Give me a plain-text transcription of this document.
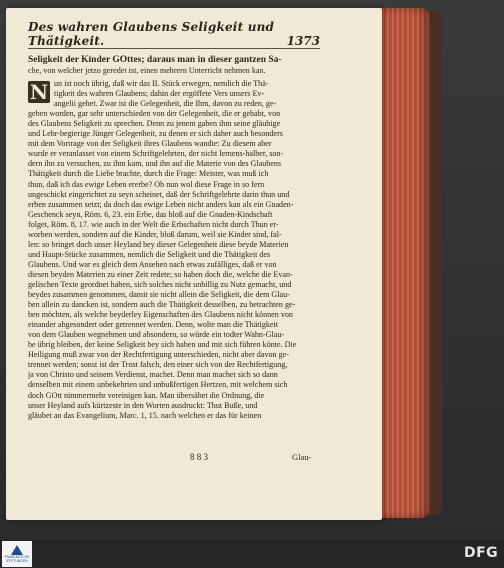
Des wahren Glaubens Seligkeit und Thätigkeit.	1373
Seligkeit der Kinder GOttes; daraus man in dieser gantzen Sa-
che, von welcher jetzo geredet ist, einen mehrern Unterricht nehmen kan.
N un ist noch übrig, daß wir das II. Stück erwegen, nemlich die Thä-
tigkeit des wahren Glaubens; dahin der ergöffete Vers unsers Ev-
angelii gehet. Zwar ist die Gelegenheit, die Ihm, davon zu reden, ge-
geben worden, gar sehr unterschieden von der Gelegenheit, die er gehabt, von
des Glaubens Seligkeit zu sprechen. Denn zu jenem gaben ihm seine gläubige
und Lehr-begierige Jünger Gelegenheit, zu denen er sich daher auch besonders
mit dem Vortrage von der Seligkeit ihres Glaubens wandte: Zu diesem aber
wurde er veranlasset von einem Schriftgelehrten, der nicht lernens-halber, son-
dern ihn zu versuchen, zu ihm kam, und ihn auf die Materie von des Glaubens
Thätigkeit durch die Liebe brachte, durch die Frage: Meister, was muß ich
thun, daß ich das ewige Leben ererbe? Ob nun wol diese Frage in so fern
ungeschickt eingerichtet zu seyn scheinet, daß der Schriftgelehrte darin thun und
erben zusammen setzt; da doch das ewige Leben nicht anders kan als ein Gnaden-
Geschenck seyn, Röm. 6, 23. ein Erbe, das bloß auf die Gnaden-Kindschaft
folget, Röm. 8, 17. wie auch in der Welt die Erbschaften nicht durch Thun er-
worben werden, sondern auf die Kinder, bloß darum, weil sie Kinder sind, fal-
len: so bringet doch unser Heyland bey dieser Gelegenheit diese beyde Materien
und Haupt-Stücke zusammen, nemlich die Seligkeit und die Thätigkeit des
Glaubens. Und war es gleich dem Ansehen nach etwas zufälliges, daß er von
diesen beyden Materien zu einer Zeit redete; so haben doch die, welche die Evan-
gelischen Texte geordnet haben, sich solches nicht unbillig zu Nutz gemacht, und
beydes zusammen genommen, damit sie nicht allein die Seligkeit, die dem Glau-
ben allein zu dancken ist, sondern auch die Thätigkeit desselben, zu betrachten ge-
ben möchten, als welche beyderley Eigenschaften des Glaubens nicht können von
einander abgesondert oder getrennet werden. Denn, wolte man die Thätigkeit
von dem Glauben wegnehmen und absondern, so würde ein todter Wahn-Glau-
be übrig bleiben, der keine Seligkeit bey sich haben und mit sich führen könte. Die
Heiligung muß zwar von der Rechtfertigung unterschieden, nicht aber davon ge-
trennet werden; sonst ist der Trost falsch, den einer sich von der Rechtfertigung,
ja von Christo und seinem Verdienst, machet. Denn man machet sich so dann
denselben mit einem unbekehrten und unbußfertigen Hertzen, mit welchem sich
doch GOtt nimmermehr vereinigen kan. Man übersähet die Ordnung, die
unser Heyland aufs kürtzeste in den Worten ausdruckt: Thut Buße, und
gläubet an das Evangelium, Marc. 1, 15. nach welchen er das für keinen
8 8 3	Glau-
FRANCKESCHE STIFTUNGEN	DFG
